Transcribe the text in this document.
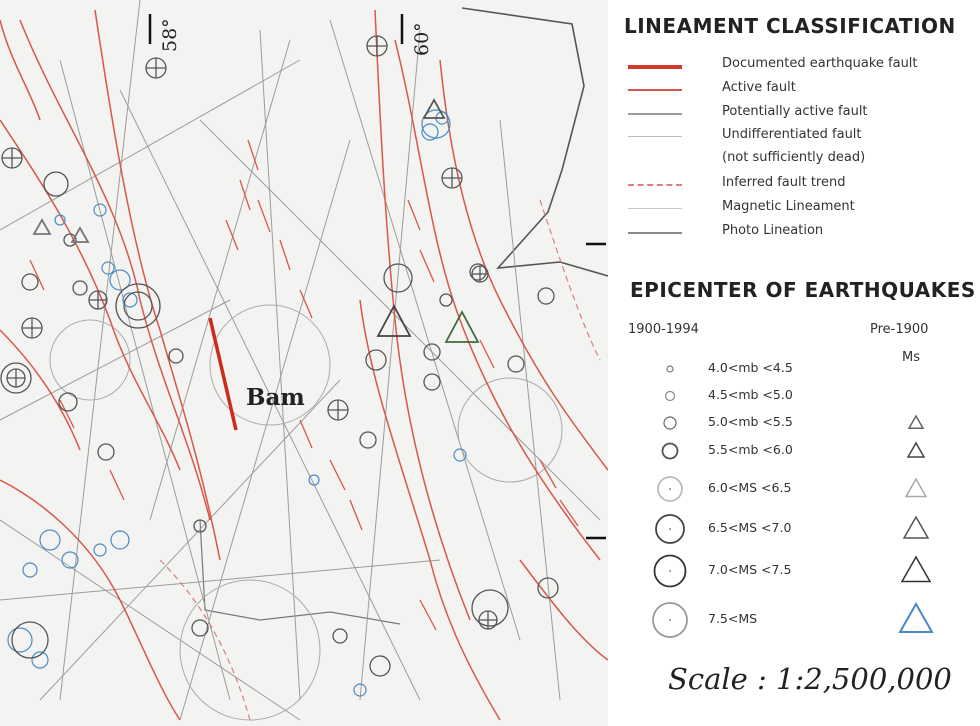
Bam
58°	60°	LINEAMENT CLASSIFICATION
Documented earthquake fault
Active fault
Potentially active fault
Undifferentiated fault
(not sufficiently dead)
Inferred fault trend
Magnetic Lineament
Photo Lineation
EPICENTER OF EARTHQUAKES
1900-1994	Pre-1900
Ms
4.0<mb <4.5
4.5<mb <5.0
5.0<mb <5.5
5.5<mb <6.0
6.0<MS <6.5
6.5<MS <7.0
7.0<MS <7.5
7.5<MS
Scale : 1:2,500,000
